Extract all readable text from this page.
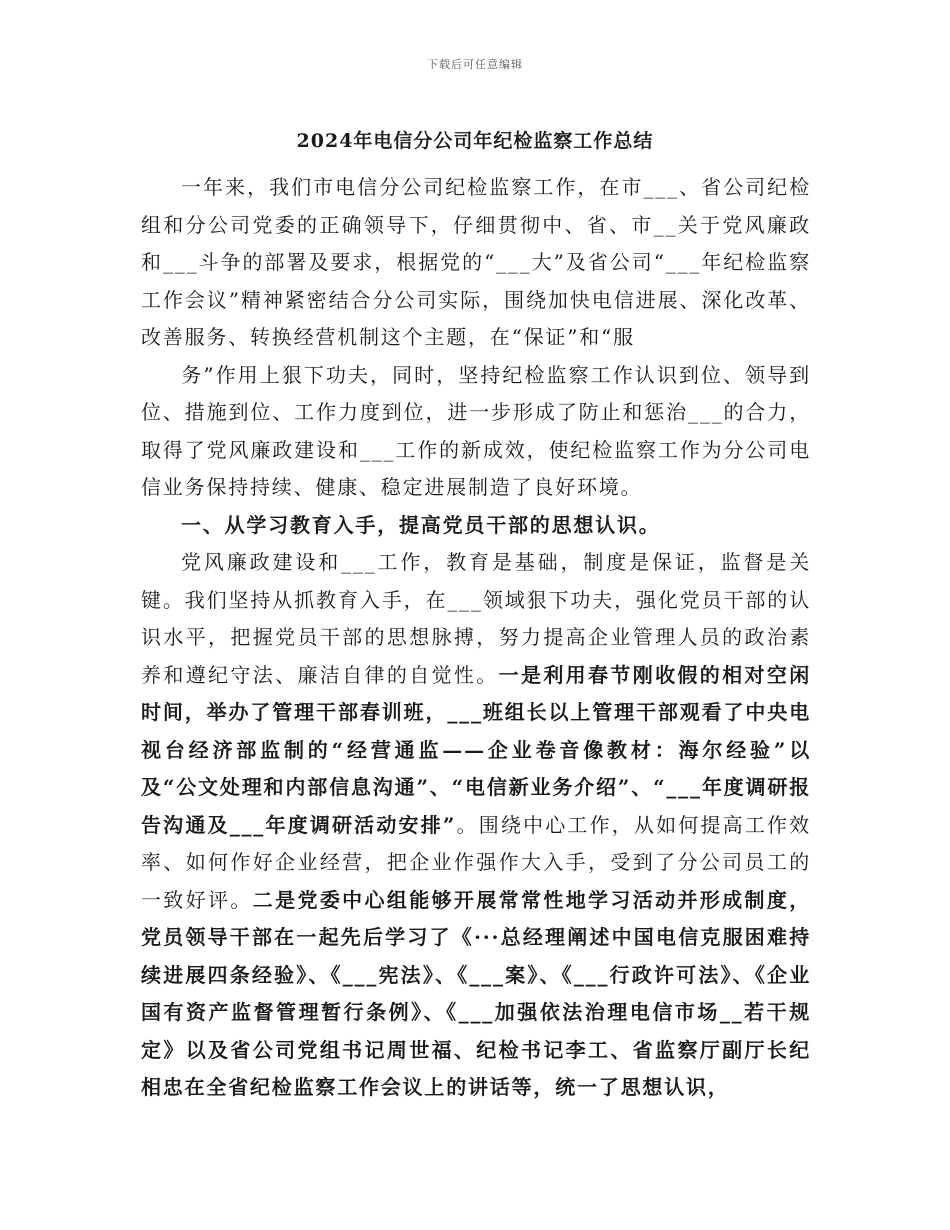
下载后可任意编辑
2024年电信分公司年纪检监察工作总结

一年来，我们市电信分公司纪检监察工作，在市___、省公司纪检组和分公司党委的正确领导下，仔细贯彻中、省、市__关于党风廉政和___斗争的部署及要求，根据党的“___大”及省公司“___年纪检监察工作会议”精神紧密结合分公司实际，围绕加快电信进展、深化改革、改善服务、转换经营机制这个主题，在“保证”和“服

务”作用上狠下功夫，同时，坚持纪检监察工作认识到位、领导到位、措施到位、工作力度到位，进一步形成了防止和惩治___的合力，取得了党风廉政建设和___工作的新成效，使纪检监察工作为分公司电信业务保持持续、健康、稳定进展制造了良好环境。

一、从学习教育入手，提高党员干部的思想认识。

党风廉政建设和___工作，教育是基础，制度是保证，监督是关键。我们坚持从抓教育入手，在___领域狠下功夫，强化党员干部的认识水平，把握党员干部的思想脉搏，努力提高企业管理人员的政治素养和遵纪守法、廉洁自律的自觉性。一是利用春节刚收假的相对空闲时间，举办了管理干部春训班，___班组长以上管理干部观看了中央电视台经济部监制的“经营通监——企业卷音像教材：海尔经验”以及“公文处理和内部信息沟通”、“电信新业务介绍”、“___年度调研报告沟通及___年度调研活动安排”。围绕中心工作，从如何提高工作效率、如何作好企业经营，把企业作强作大入手，受到了分公司员工的一致好评。二是党委中心组能够开展常常性地学习活动并形成制度，党员领导干部在一起先后学习了《···总经理阐述中国电信克服困难持续进展四条经验》、《___宪法》、《___案》、《___行政许可法》、《企业国有资产监督管理暂行条例》、《___加强依法治理电信市场__若干规定》以及省公司党组书记周世福、纪检书记李工、省监察厅副厅长纪相忠在全省纪检监察工作会议上的讲话等，统一了思想认识，
